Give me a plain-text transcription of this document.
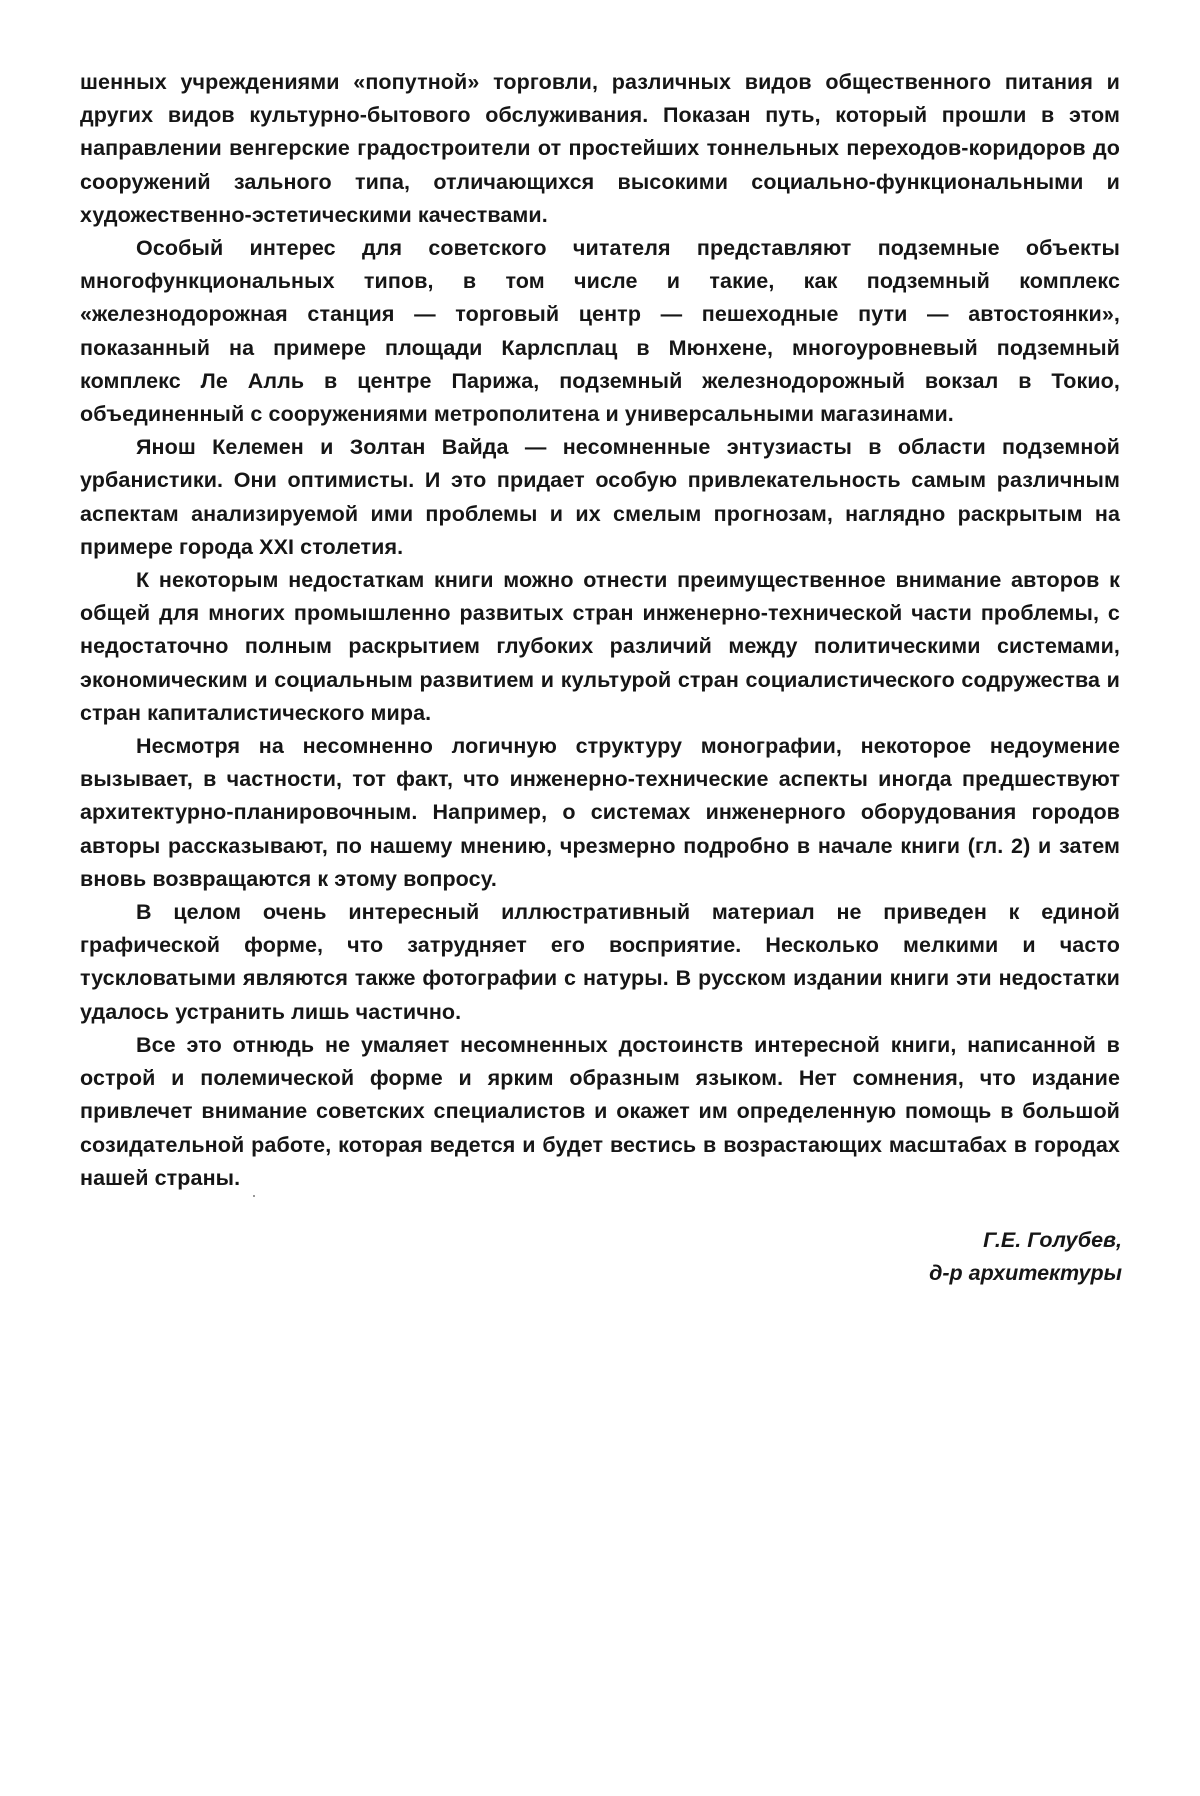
шенных учреждениями «попутной» торговли, различных видов общественного питания и других видов культурно-бытового обслуживания. Показан путь, который прошли в этом направлении венгерские градостроители от простейших тоннельных переходов-коридоров до сооружений зального типа, отличающихся высокими социально-функциональными и художественно-эстетическими качествами.

Особый интерес для советского читателя представляют подземные объекты многофункциональных типов, в том числе и такие, как подземный комплекс «железнодорожная станция — торговый центр — пешеходные пути — автостоянки», показанный на примере площади Карлсплац в Мюнхене, многоуровневый подземный комплекс Ле Алль в центре Парижа, подземный железнодорожный вокзал в Токио, объединенный с сооружениями метрополитена и универсальными магазинами.

Янош Келемен и Золтан Вайда — несомненные энтузиасты в области подземной урбанистики. Они оптимисты. И это придает особую привлекательность самым различным аспектам анализируемой ими проблемы и их смелым прогнозам, наглядно раскрытым на примере города XXI столетия.

К некоторым недостаткам книги можно отнести преимущественное внимание авторов к общей для многих промышленно развитых стран инженерно-технической части проблемы, с недостаточно полным раскрытием глубоких различий между политическими системами, экономическим и социальным развитием и культурой стран социалистического содружества и стран капиталистического мира.

Несмотря на несомненно логичную структуру монографии, некоторое недоумение вызывает, в частности, тот факт, что инженерно-технические аспекты иногда предшествуют архитектурно-планировочным. Например, о системах инженерного оборудования городов авторы рассказывают, по нашему мнению, чрезмерно подробно в начале книги (гл. 2) и затем вновь возвращаются к этому вопросу.

В целом очень интересный иллюстративный материал не приведен к единой графической форме, что затрудняет его восприятие. Несколько мелкими и часто тускловатыми являются также фотографии с натуры. В русском издании книги эти недостатки удалось устранить лишь частично.

Все это отнюдь не умаляет несомненных достоинств интересной книги, написанной в острой и полемической форме и ярким образным языком. Нет сомнения, что издание привлечет внимание советских специалистов и окажет им определенную помощь в большой созидательной работе, которая ведется и будет вестись в возрастающих масштабах в городах нашей страны.

Г.Е. Голубев,
д-р архитектуры
